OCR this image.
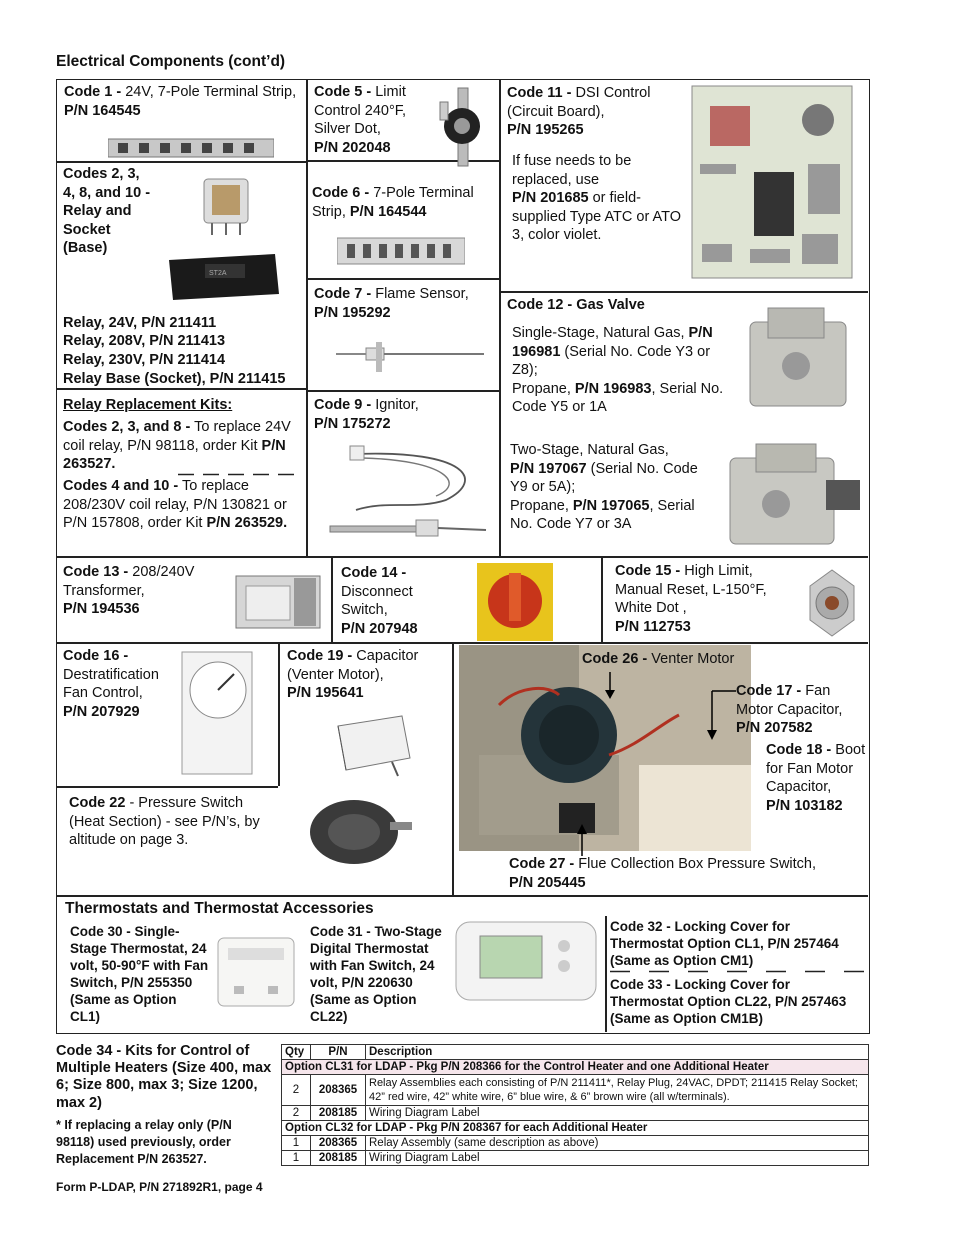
Electrical Components (cont’d)
Code 1 - 24V, 7-Pole Terminal Strip, P/N 164545
Codes 2, 3, 4, 8, and 10 - Relay and Socket (Base)
ST2A
Relay, 24V, P/N 211411
Relay, 208V, P/N 211413
Relay, 230V, P/N 211414
Relay Base (Socket), P/N 211415
Relay Replacement Kits:
Codes 2, 3, and 8 - To replace 24V coil relay, P/N 98118, order Kit P/N 263527.
Codes 4 and 10 - To replace 208/230V coil relay, P/N 130821 or P/N 157808, order Kit P/N 263529.
Code 5 - Limit Control 240°F, Silver Dot,
P/N 202048
Code 6 - 7-Pole Terminal Strip, P/N 164544
Code 7 - Flame Sensor,
P/N 195292
Code 9 - Ignitor,
P/N 175272
Code 11 - DSI Control (Circuit Board),
P/N 195265
If fuse needs to be replaced, use
P/N 201685 or field-supplied Type ATC or ATO 3, color violet.
Code 12 - Gas Valve
Single-Stage, Natural Gas, P/N 196981 (Serial No. Code Y3 or Z8);
Propane, P/N 196983, Serial No. Code Y5 or 1A
Two-Stage, Natural Gas,
P/N 197067 (Serial No. Code Y9 or 5A);
Propane, P/N 197065, Serial No. Code Y7 or 3A
Code 13 - 208/240V Transformer,
P/N 194536
Code 14 -
Disconnect Switch,
P/N 207948
Code 15 - High Limit, Manual Reset, L-150°F, White Dot ,
P/N 112753
Code 16 -
Destratification Fan Control,
P/N 207929
Code 19 - Capacitor (Venter Motor),
P/N 195641
Code 22 - Pressure Switch (Heat Section) - see P/N’s, by altitude on page 3.
Code 26 - Venter Motor
Code 17 - Fan Motor Capacitor,
P/N 207582
Code 18 - Boot for Fan Motor Capacitor,
P/N 103182
Code 27 - Flue Collection Box Pressure Switch,
P/N 205445
Thermostats and Thermostat Accessories
Code 30 - Single-Stage Thermostat, 24 volt, 50-90°F with Fan Switch, P/N 255350 (Same as Option CL1)
Code 31 - Two-Stage Digital Thermostat with Fan Switch, 24 volt, P/N 220630 (Same as Option CL22)
Code 32 - Locking Cover for Thermostat Option CL1, P/N 257464 (Same as Option CM1)
Code 33 - Locking Cover for Thermostat Option CL22, P/N 257463 (Same as Option CM1B)
Code 34 - Kits for Control of Multiple Heaters (Size 400, max 6; Size 800, max 3; Size 1200, max 2)
* If replacing a relay only (P/N 98118) used previously, order Replacement P/N 263527.
Qty	P/N	Description
Option CL31 for LDAP - Pkg P/N 208366 for the Control Heater and one Additional Heater		
2	208365	Relay Assemblies each consisting of P/N 211411*, Relay Plug, 24VAC, DPDT; 211415 Relay Socket; 42” red wire, 42” white wire, 6” blue wire, & 6” brown wire (all w/terminals).
2	208185	Wiring Diagram Label
Option CL32 for LDAP - Pkg P/N 208367 for each Additional Heater		
1	208365	Relay Assembly (same description as above)
1	208185	Wiring Diagram Label
Form P-LDAP, P/N 271892R1, page 4
